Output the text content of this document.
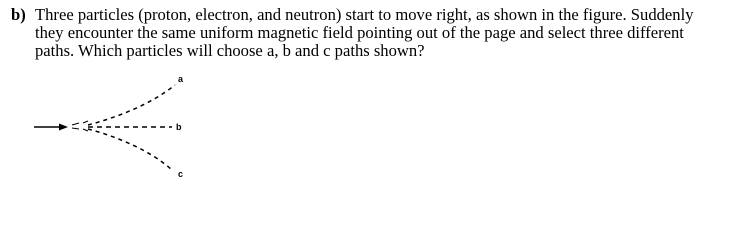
b) Three particles (proton, electron, and neutron) start to move right, as shown in the figure. Suddenly
they encounter the same uniform magnetic field pointing out of the page and select three different
paths. Which particles will choose a, b and c paths shown?
a
b
c
